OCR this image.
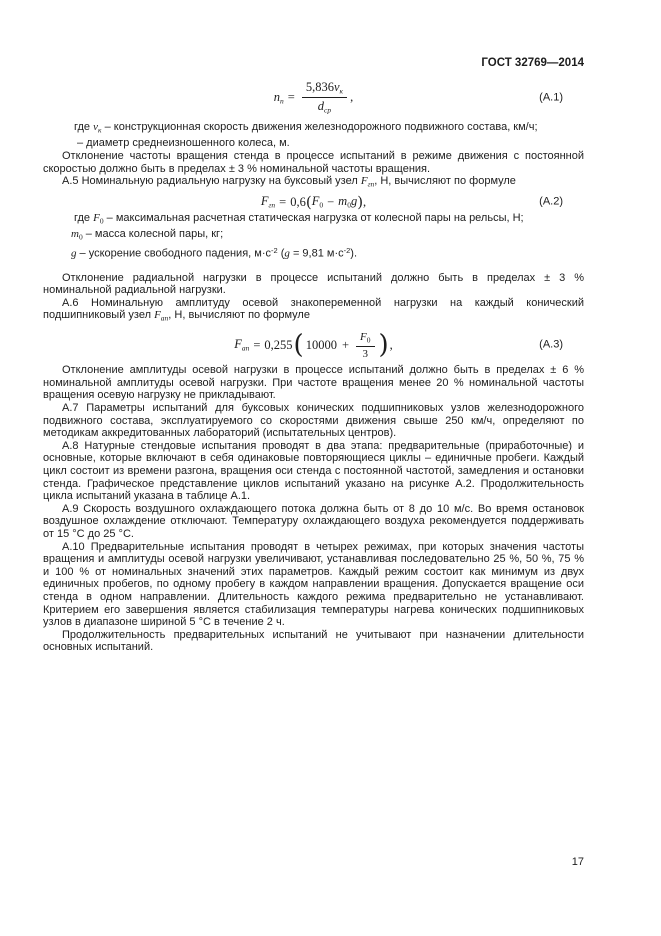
ГОСТ 32769—2014

$n_п = \frac{5,836v_к}{d_{ср}}$ ,	(А.1)

где $v_к$ – конструкционная скорость движения железнодорожного подвижного состава, км/ч;

– диаметр среднеизношенного колеса, м.

Отклонение частоты вращения стенда в процессе испытаний в режиме движения с постоянной скоростью должно быть в пределах ± 3 % номинальной частоты вращения.

А.5 Номинальную радиальную нагрузку на буксовый узел $F_{гп}$, Н, вычисляют по формуле

$F_{гп} = 0,6$ ( $F_0 - m_0g$ ) ,	(А.2)

где $F_0$ – максимальная расчетная статическая нагрузка от колесной пары на рельсы, Н;

$m_0$ – масса колесной пары, кг;

g – ускорение свободного падения, $м\cdot с^{-2}$ (g = 9,81 $м\cdot с^{-2}$).

Отклонение радиальной нагрузки в процессе испытаний должно быть в пределах ± 3 % номинальной радиальной нагрузки.

А.6 Номинальную амплитуду осевой знакопеременной нагрузки на каждый конический подшипниковый узел $F_{ап}$, Н, вычисляют по формуле

$F_{ап} = 0,255$ ( $10000 + \frac{F_0}{3}$ ) ,	(А.3)

Отклонение амплитуды осевой нагрузки в процессе испытаний должно быть в пределах ± 6 % номинальной амплитуды осевой нагрузки. При частоте вращения менее 20 % номинальной частоты вращения осевую нагрузку не прикладывают.

А.7 Параметры испытаний для буксовых конических подшипниковых узлов железнодорожного подвижного состава, эксплуатируемого со скоростями движения свыше 250 км/ч, определяют по методикам аккредитованных лабораторий (испытательных центров).

А.8 Натурные стендовые испытания проводят в два этапа: предварительные (приработочные) и основные, которые включают в себя одинаковые повторяющиеся циклы – единичные пробеги. Каждый цикл состоит из времени разгона, вращения оси стенда с постоянной частотой, замедления и остановки стенда. Графическое представление циклов испытаний указано на рисунке А.2. Продолжительность цикла испытаний указана в таблице А.1.

А.9 Скорость воздушного охлаждающего потока должна быть от 8 до 10 м/с. Во время остановок воздушное охлаждение отключают. Температуру охлаждающего воздуха рекомендуется поддерживать от 15 °С до 25 °С.

А.10 Предварительные испытания проводят в четырех режимах, при которых значения частоты вращения и амплитуды осевой нагрузки увеличивают, устанавливая последовательно 25 %, 50 %, 75 % и 100 % от номинальных значений этих параметров. Каждый режим состоит как минимум из двух единичных пробегов, по одному пробегу в каждом направлении вращения. Допускается вращение оси стенда в одном направлении. Длительность каждого режима предварительно не устанавливают. Критерием его завершения является стабилизация температуры нагрева конических подшипниковых узлов в диапазоне шириной 5 °С в течение 2 ч.

Продолжительность предварительных испытаний не учитывают при назначении длительности основных испытаний.

17
